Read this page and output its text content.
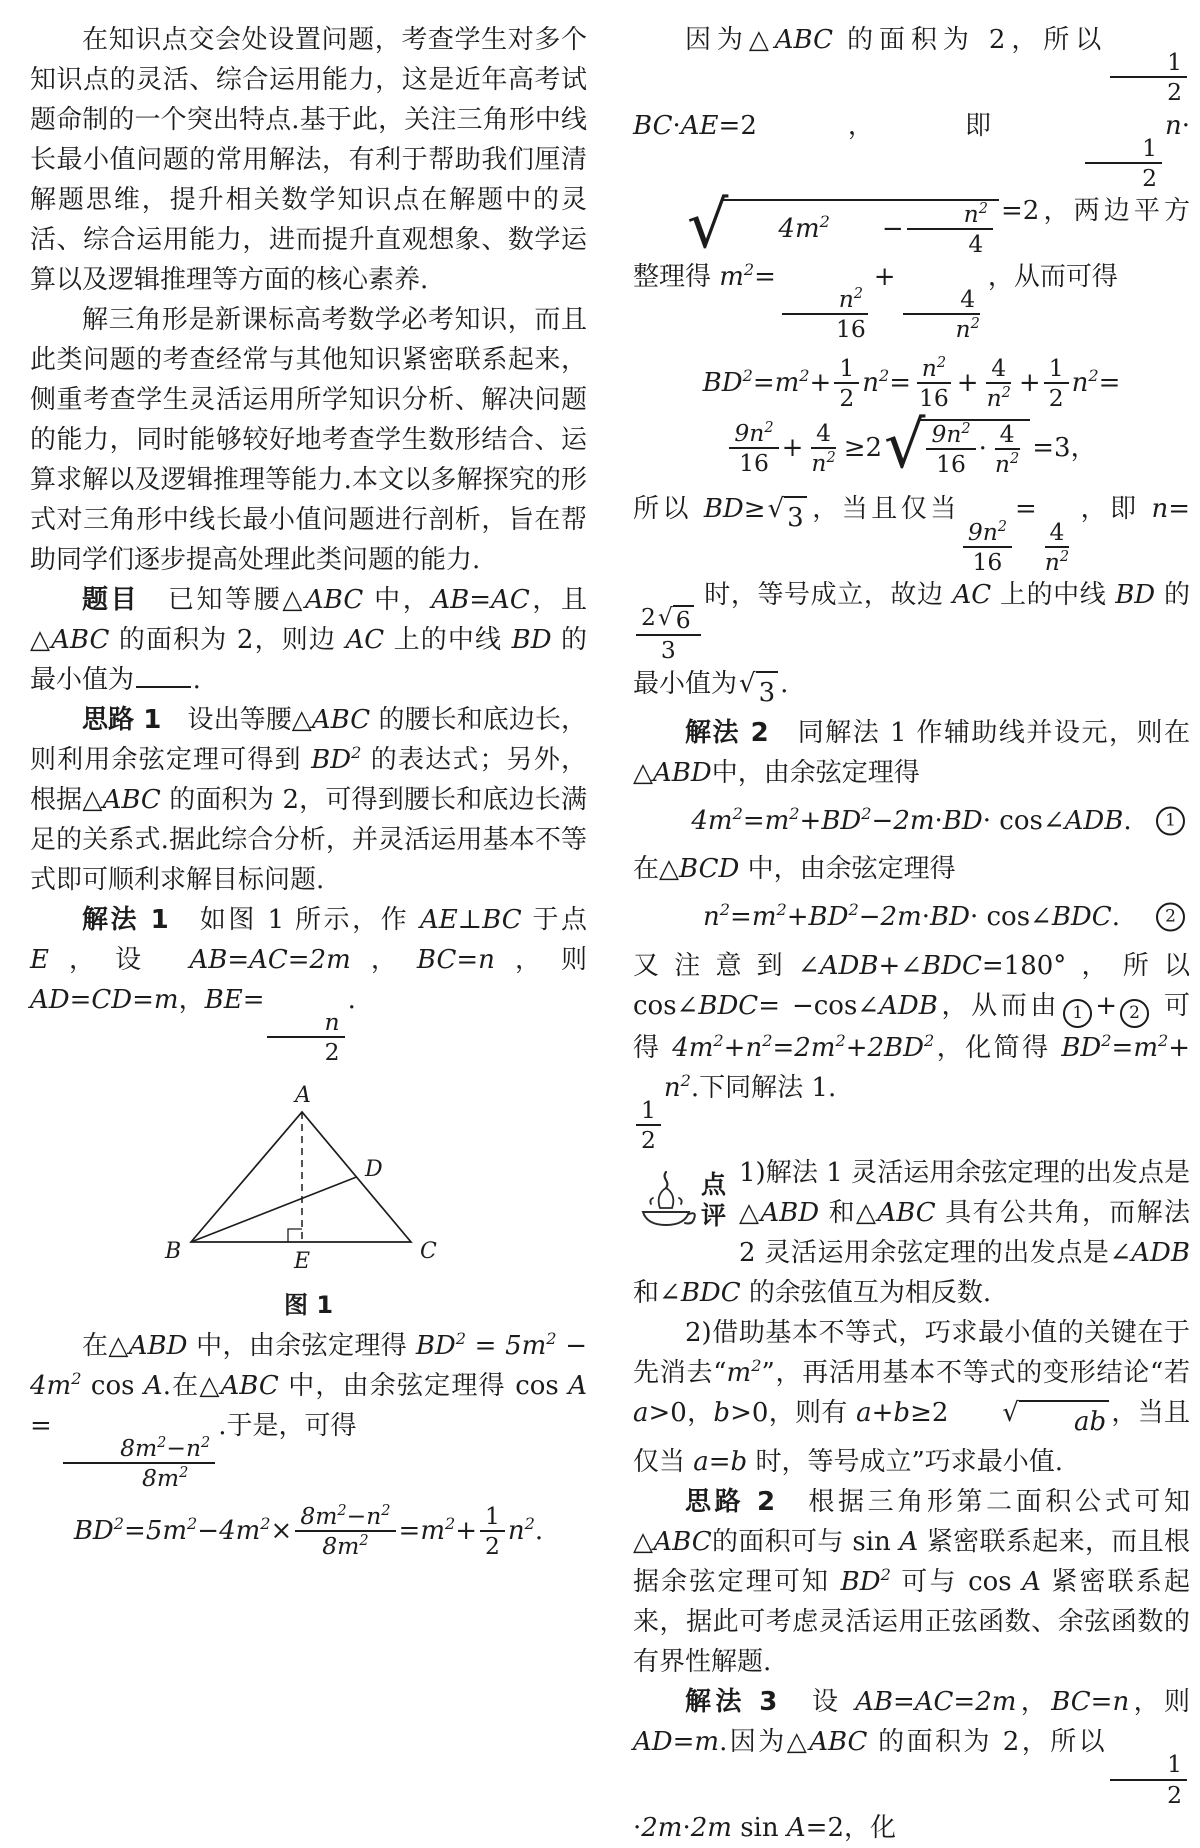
在知识点交会处设置问题，考查学生对多个知识点的灵活、综合运用能力，这是近年高考试题命制的一个突出特点.基于此，关注三角形中线长最小值问题的常用解法，有利于帮助我们厘清解题思维，提升相关数学知识点在解题中的灵活、综合运用能力，进而提升直观想象、数学运算以及逻辑推理等方面的核心素养.

解三角形是新课标高考数学必考知识，而且此类问题的考查经常与其他知识紧密联系起来，侧重考查学生灵活运用所学知识分析、解决问题的能力，同时能够较好地考查学生数形结合、运算求解以及逻辑推理等能力.本文以多解探究的形式对三角形中线长最小值问题进行剖析，旨在帮助同学们逐步提高处理此类问题的能力.

题目　已知等腰△ABC 中，AB=AC，且△ABC 的面积为 2，则边 AC 上的中线 BD 的最小值为 .

思路 1　设出等腰△ABC 的腰长和底边长，则利用余弦定理可得到 $BD^2$ 的表达式；另外，根据△ABC 的面积为 2，可得到腰长和底边长满足的关系式.据此综合分析，并灵活运用基本不等式即可顺利求解目标问题.

解法 1　如图 1 所示，作 AE⊥BC 于点 E，设 AB=AC=2m，BC=n，则 AD=CD=m，BE=
$\frac{n}{2}$
.

A
B	C
D
E
图 1

在△ABD 中，由余弦定理得 $BD^2 = 5m^2 - 4m^2$ cos A.在△ABC 中，由余弦定理得 cos A =
$\frac{8m^2-n^2}{8m^2}$
.于是，可得

$BD^2 = 5m^2 - 4m^2 \times \frac{8m^2-n^2}{8m^2} = m^2 + \frac{1}{2} n^2$ .

因为△ABC 的面积为 2，所以
$\frac{1}{2}$
BC·AE=2，即
$\frac{1}{2}$
n·
√	$4m^2$	− $\frac{n^2}{4} =2$，两边平方整理得 $m^2=$
$\frac{n^2}{16}$
+
$\frac{4}{n^2}$
，从而可得

$BD^2 = m^2 + \frac{1}{2} n^2 = \frac{n^2}{16} + \frac{4}{n^2} + \frac{1}{2} n^2$ =
$\frac{9n^2}{16} + \frac{4}{n^2} \ge 2$ √ $\frac{9n^2}{16} \cdot \frac{4}{n^2} =3$ ，

所以 BD≥ √ 3 ，当且仅当
$\frac{9n^2}{16}$
=
$\frac{4}{n^2}$
，即 n=
$\frac{2 √ 6}{3}$
时，等号成立，故边 AC 上的中线 BD 的最小值为 √ 3 .

解法 2　同解法 1 作辅助线并设元，则在△ABD中，由余弦定理得

$4m^2 = m^2 + BD^2 - 2m$ · BD · cos∠ ADB .	1

在△BCD 中，由余弦定理得

$n^2 = m^2 + BD^2 - 2m$ · BD · cos∠ BDC .	2

又注意到∠ADB+∠BDC=180°，所以 cos∠BDC= −cos∠ADB，从而由 1 + 2 可得 $4m^2+n^2=2m^2+2BD^2$，化简得 $BD^2=m^2+$
$\frac{1}{2}$
$n^2$.下同解法 1.

点评
1)解法 1 灵活运用余弦定理的出发点是△ABD 和△ABC 具有公共角，而解法 2 灵活运用余弦定理的出发点是∠ADB 和∠BDC 的余弦值互为相反数.

2)借助基本不等式，巧求最小值的关键在于先消去“$m^2$”，再活用基本不等式的变形结论“若 a>0，b>0，则有 a+b≥2	√	ab ，当且仅当 a=b 时，等号成立”巧求最小值.

思路 2　根据三角形第二面积公式可知△ABC的面积可与 sin A 紧密联系起来，而且根据余弦定理可知 $BD^2$ 可与 cos A 紧密联系起来，据此可考虑灵活运用正弦函数、余弦函数的有界性解题.

解法 3　设 AB=AC=2m，BC=n，则 AD=m.因为△ABC 的面积为 2，所以
$\frac{1}{2}$
·2m·2m sin A=2，化
